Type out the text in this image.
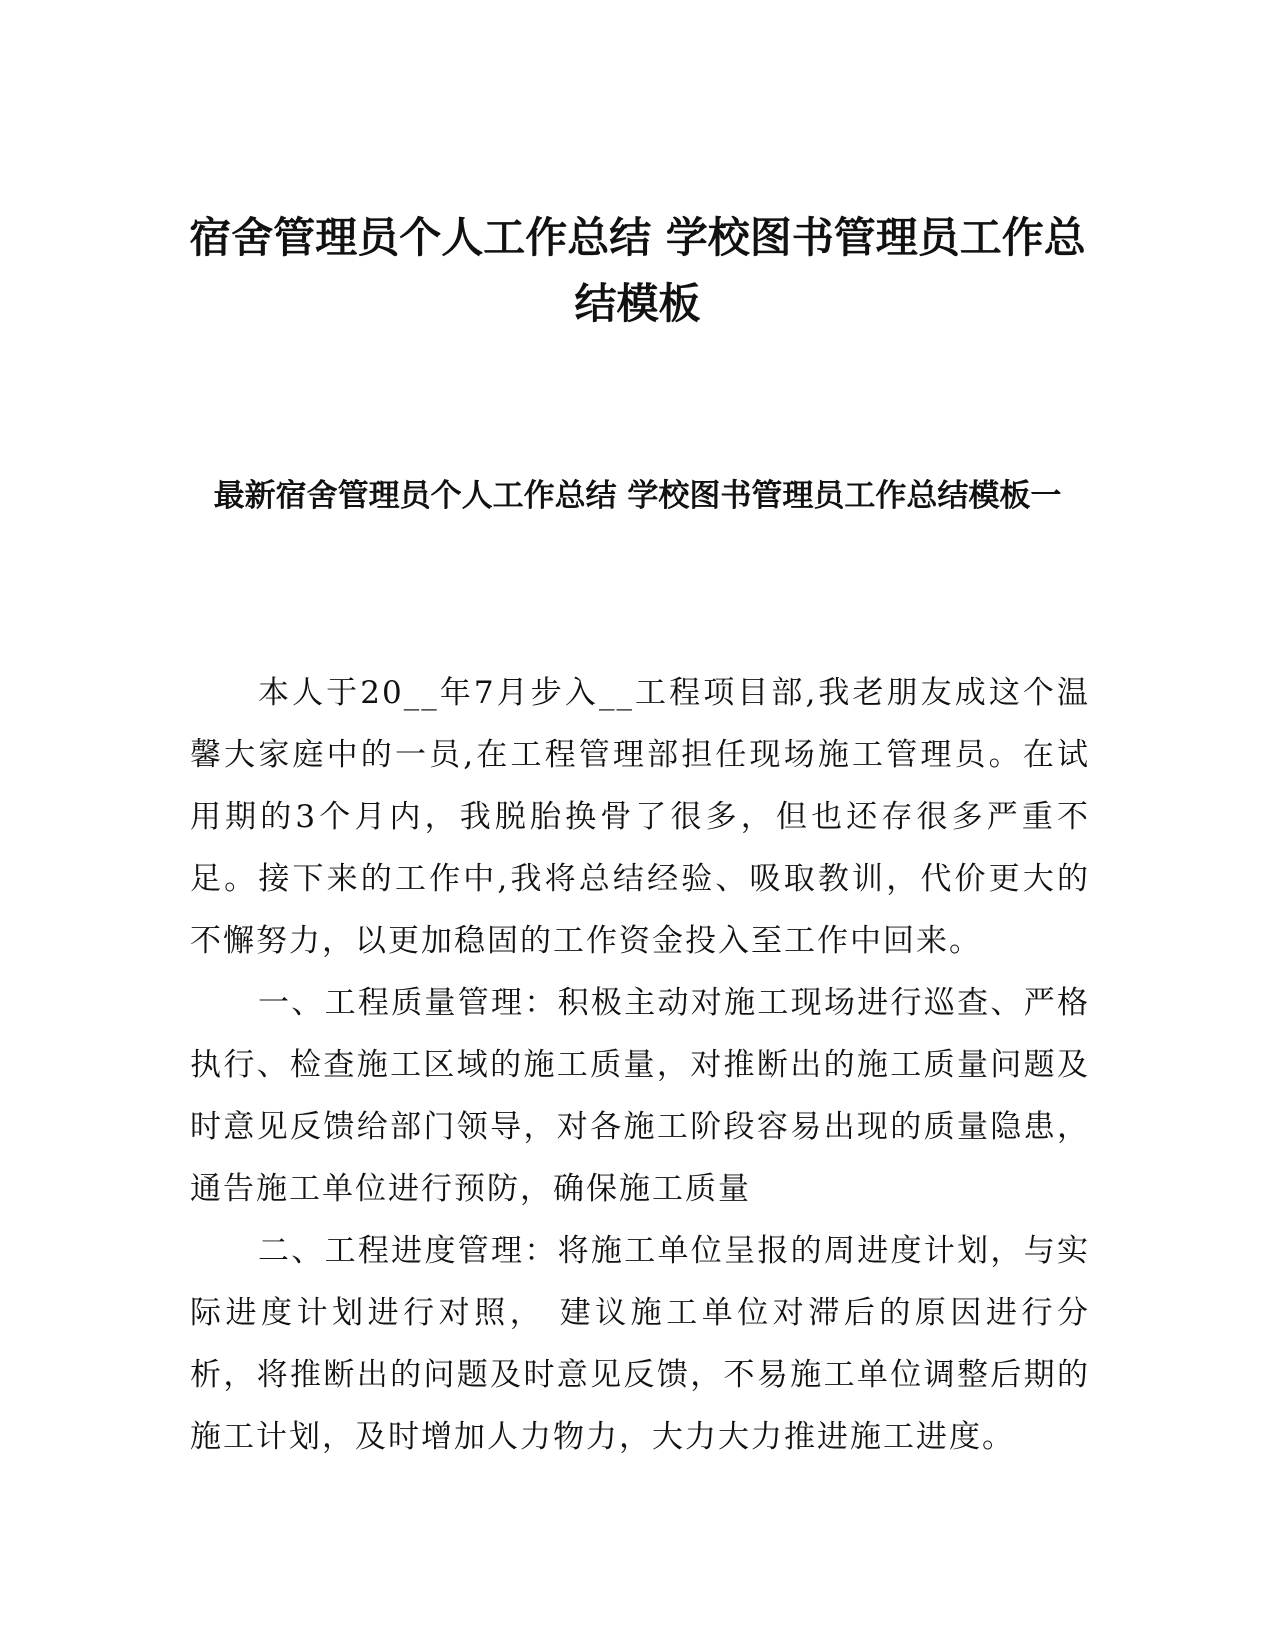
宿舍管理员个人工作总结 学校图书管理员工作总结模板
最新宿舍管理员个人工作总结 学校图书管理员工作总结模板一

本人于20__年7月步入__工程项目部,我老朋友成这个温馨大家庭中的一员,在工程管理部担任现场施工管理员。在试用期的3个月内，我脱胎换骨了很多，但也还存很多严重不足。接下来的工作中,我将总结经验、吸取教训，代价更大的不懈努力，以更加稳固的工作资金投入至工作中回来。

一、工程质量管理：积极主动对施工现场进行巡查、严格执行、检查施工区域的施工质量，对推断出的施工质量问题及时意见反馈给部门领导，对各施工阶段容易出现的质量隐患，通告施工单位进行预防，确保施工质量

二、工程进度管理：将施工单位呈报的周进度计划，与实际进度计划进行对照， 建议施工单位对滞后的原因进行分析，将推断出的问题及时意见反馈，不易施工单位调整后期的施工计划，及时增加人力物力，大力大力推进施工进度。
